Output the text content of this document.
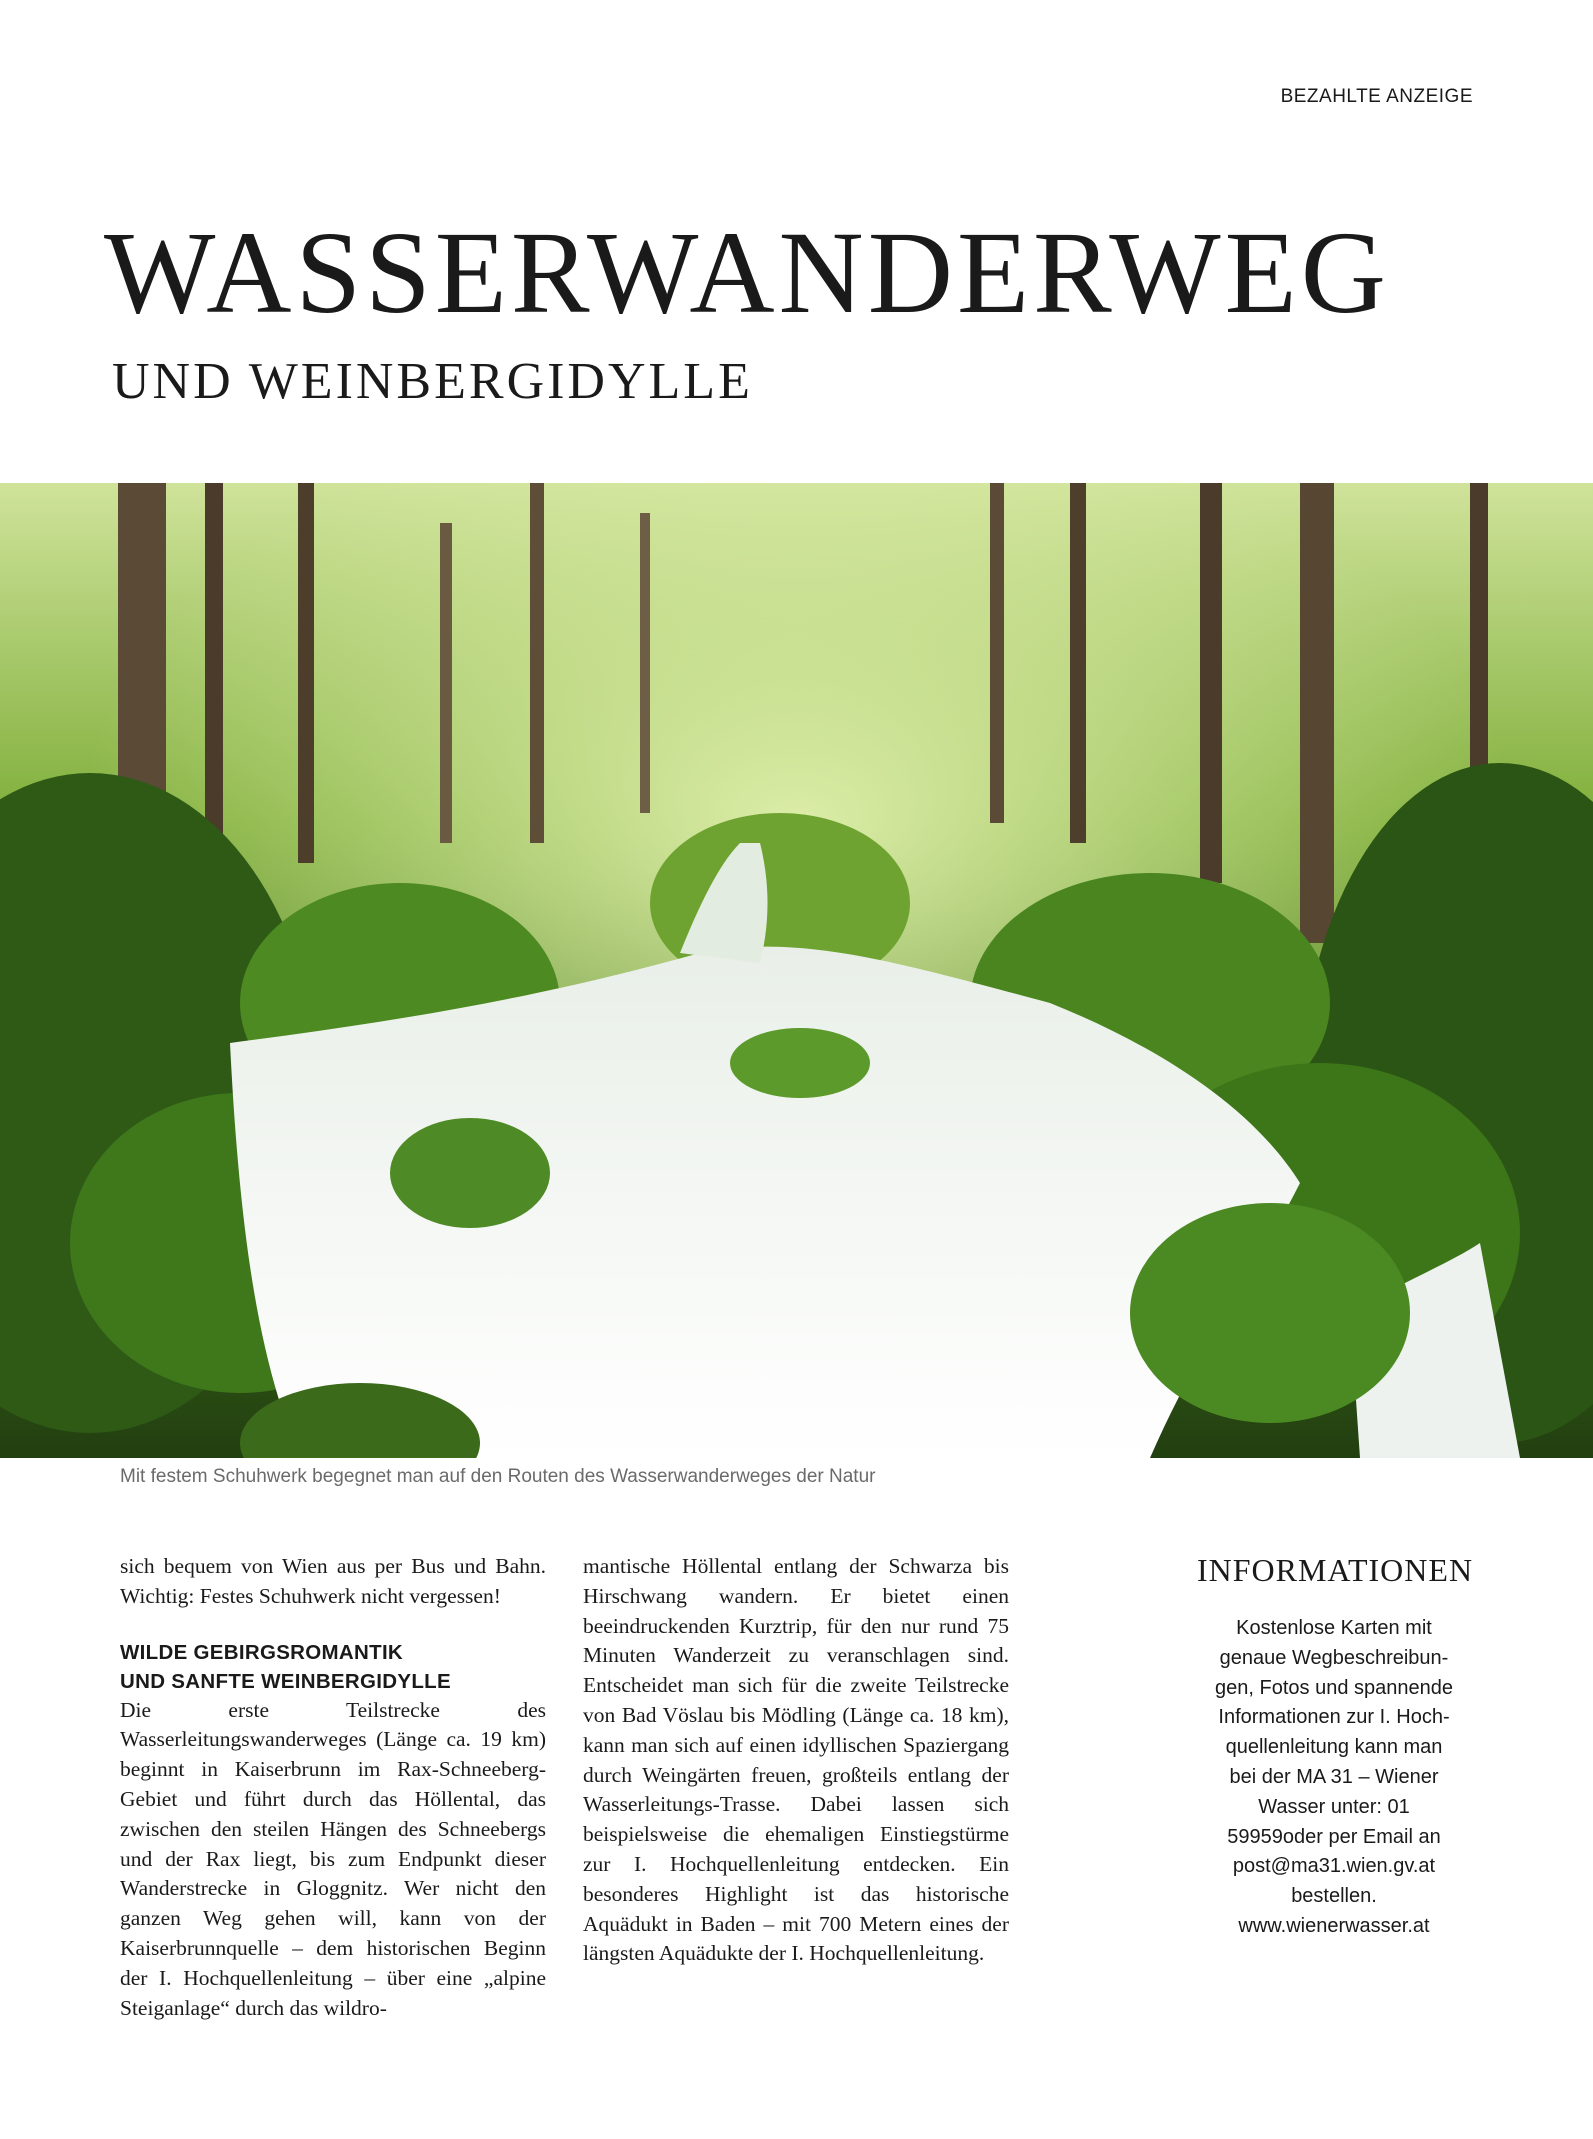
BEZAHLTE ANZEIGE
WASSERWANDERWEG
UND WEINBERGIDYLLE
Mit festem Schuhwerk begegnet man auf den Routen des Wasserwanderweges der Natur

sich bequem von Wien aus per Bus und Bahn. Wichtig: Festes Schuhwerk nicht vergessen!

WILDE GEBIRGSROMANTIK
UND SANFTE WEINBERGIDYLLE

Die erste Teilstrecke des Wasserleitungswanderweges (Länge ca. 19 km) beginnt in Kaiserbrunn im Rax-Schneeberg-Gebiet und führt durch das Höllental, das zwischen den steilen Hängen des Schneebergs und der Rax liegt, bis zum Endpunkt dieser Wanderstrecke in Gloggnitz. Wer nicht den ganzen Weg gehen will, kann von der Kaiserbrunnquelle – dem historischen Beginn der I. Hochquellenleitung – über eine „alpine Steiganlage“ durch das wildro-

mantische Höllental entlang der Schwarza bis Hirschwang wandern. Er bietet einen beeindruckenden Kurztrip, für den nur rund 75 Minuten Wanderzeit zu veranschlagen sind. Entscheidet man sich für die zweite Teilstrecke von Bad Vöslau bis Mödling (Länge ca. 18 km), kann man sich auf einen idyllischen Spaziergang durch Weingärten freuen, großteils entlang der Wasserleitungs-Trasse. Dabei lassen sich beispielsweise die ehemaligen Einstiegstürme zur I. Hochquellenleitung entdecken. Ein besonderes Highlight ist das historische Aquädukt in Baden – mit 700 Metern eines der längsten Aquädukte der I. Hochquellenleitung.

INFORMATIONEN
Kostenlose Karten mit
genaue Wegbeschreibun-
gen, Fotos und spannende
Informationen zur I. Hoch-
quellenleitung kann man
bei der MA 31 – Wiener
Wasser unter: 01
59959oder per Email an
post@ma31.wien.gv.at
bestellen.
www.wienerwasser.at
